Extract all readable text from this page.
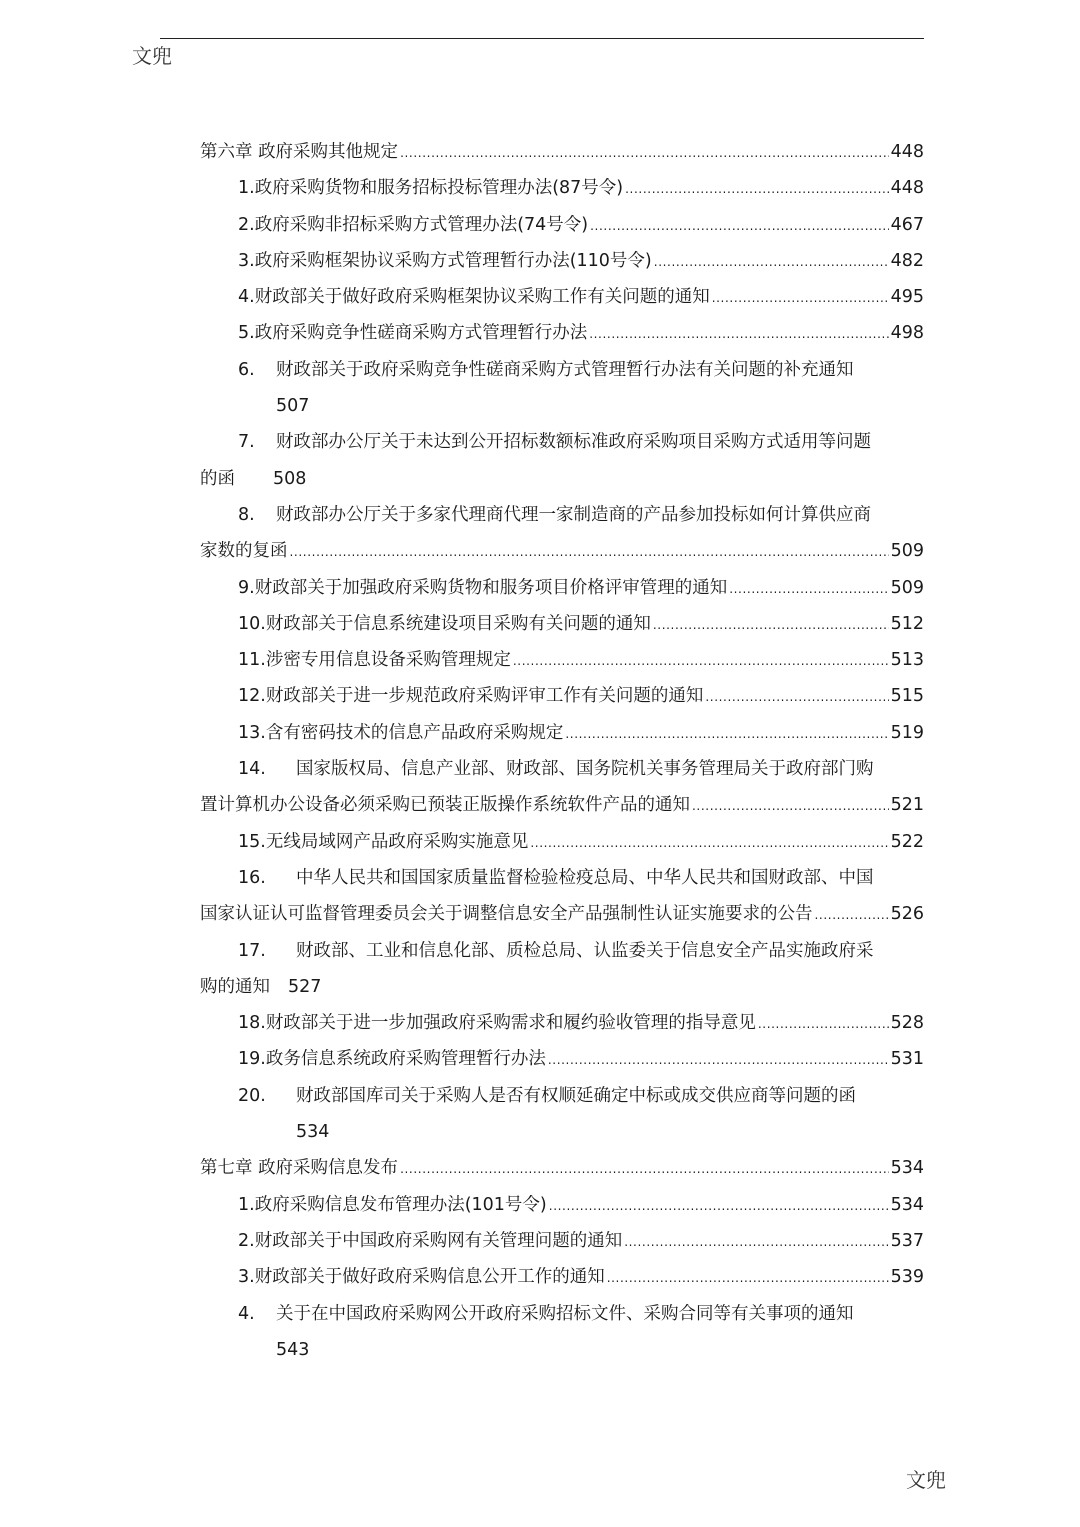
文兜
第六章 政府采购其他规定 . . .	448
1. 政府采购货物和服务招标投标管理办法(87号令) . . .	448
2. 政府采购非招标采购方式管理办法(74号令) . . .	467
3. 政府采购框架协议采购方式管理暂行办法(110号令) . . .	482
4. 财政部关于做好政府采购框架协议采购工作有关问题的通知 . . .	495
5. 政府采购竞争性磋商采购方式管理暂行办法 . . .	498
6.	财政部关于政府采购竞争性磋商采购方式管理暂行办法有关问题的补充通知
507
7.	财政部办公厅关于未达到公开招标数额标准政府采购项目采购方式适用等问题
的函 508
8.	财政部办公厅关于多家代理商代理一家制造商的产品参加投标如何计算供应商
家数的复函 . . .	509
9. 财政部关于加强政府采购货物和服务项目价格评审管理的通知 . . .	509
10. 财政部关于信息系统建设项目采购有关问题的通知 . . .	512
11. 涉密专用信息设备采购管理规定 . . .	513
12. 财政部关于进一步规范政府采购评审工作有关问题的通知 . . .	515
13. 含有密码技术的信息产品政府采购规定 . . .	519
14.	国家版权局、信息产业部、财政部、国务院机关事务管理局关于政府部门购
置计算机办公设备必须采购已预装正版操作系统软件产品的通知 . . .	521
15. 无线局域网产品政府采购实施意见 . . .	522
16.	中华人民共和国国家质量监督检验检疫总局、中华人民共和国财政部、中国
国家认证认可监督管理委员会关于调整信息安全产品强制性认证实施要求的公告 . . .	526
17.	财政部、工业和信息化部、质检总局、认监委关于信息安全产品实施政府采
购的通知 527
18. 财政部关于进一步加强政府采购需求和履约验收管理的指导意见 . . .	528
19. 政务信息系统政府采购管理暂行办法 . . .	531
20.	财政部国库司关于采购人是否有权顺延确定中标或成交供应商等问题的函
534
第七章 政府采购信息发布 . . .	534
1. 政府采购信息发布管理办法(101号令) . . .	534
2. 财政部关于中国政府采购网有关管理问题的通知 . . .	537
3. 财政部关于做好政府采购信息公开工作的通知 . . .	539
4.	关于在中国政府采购网公开政府采购招标文件、采购合同等有关事项的通知
543
文兜
